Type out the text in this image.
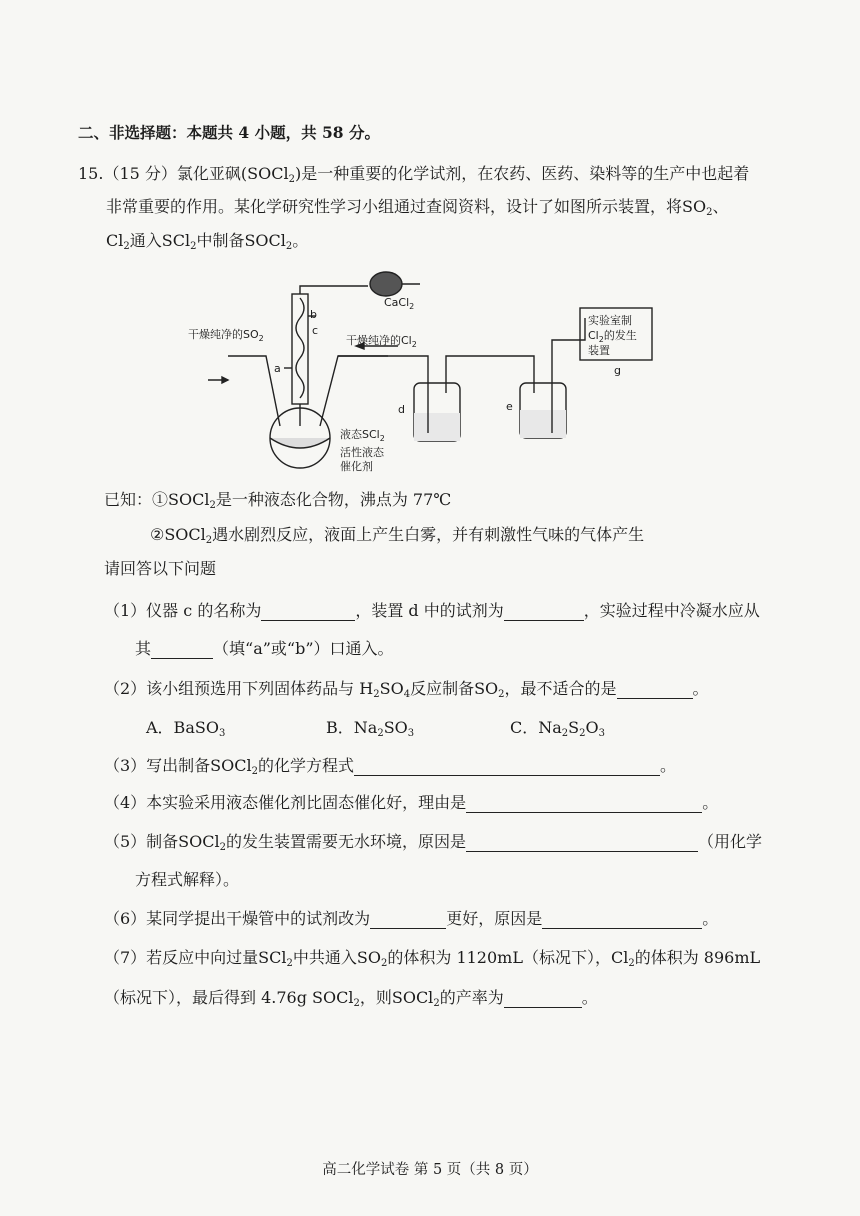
二、非选择题：本题共 4 小题，共 58 分。
15.（15 分）氯化亚砜(SOCl$_2$)是一种重要的化学试剂，在农药、医药、染料等的生产中也起着
非常重要的作用。某化学研究性学习小组通过查阅资料，设计了如图所示装置，将$SO_2$、
$Cl_2$通入SCl$_2$中制备SOCl$_2$。
CaCl$_2$
干燥纯净的$SO_2$	干燥纯净的$Cl_2$
b
c
a
d	e
g
液态SCl$_2$
活性液态
催化剂
实验室制
$Cl_2$的发生
装置
已知：①SOCl$_2$是一种液态化合物，沸点为 77℃
②SOCl$_2$遇水剧烈反应，液面上产生白雾，并有刺激性气味的气体产生
请回答以下问题
（1）仪器 c 的名称为	，装置 d 中的试剂为	，实验过程中冷凝水应从
其	（填“a”或“b”）口通入。
（2）该小组预选用下列固体药品与 $H_2SO_4$反应制备$SO_2$，最不适合的是	。
A．BaSO$_3$	B．$Na_2SO_3$	C．$Na_2S_2O_3$
（3）写出制备SOCl$_2$的化学方程式	。
（4）本实验采用液态催化剂比固态催化好，理由是	。
（5）制备SOCl$_2$的发生装置需要无水环境，原因是	（用化学
方程式解释）。
（6）某同学提出干燥管中的试剂改为	更好，原因是	。
（7）若反应中向过量SCl$_2$中共通入$SO_2$的体积为 1120mL（标况下），$Cl_2$的体积为 896mL
（标况下），最后得到 4.76g SOCl$_2$，则SOCl$_2$的产率为	。
高二化学试卷 第 5 页（共 8 页）
